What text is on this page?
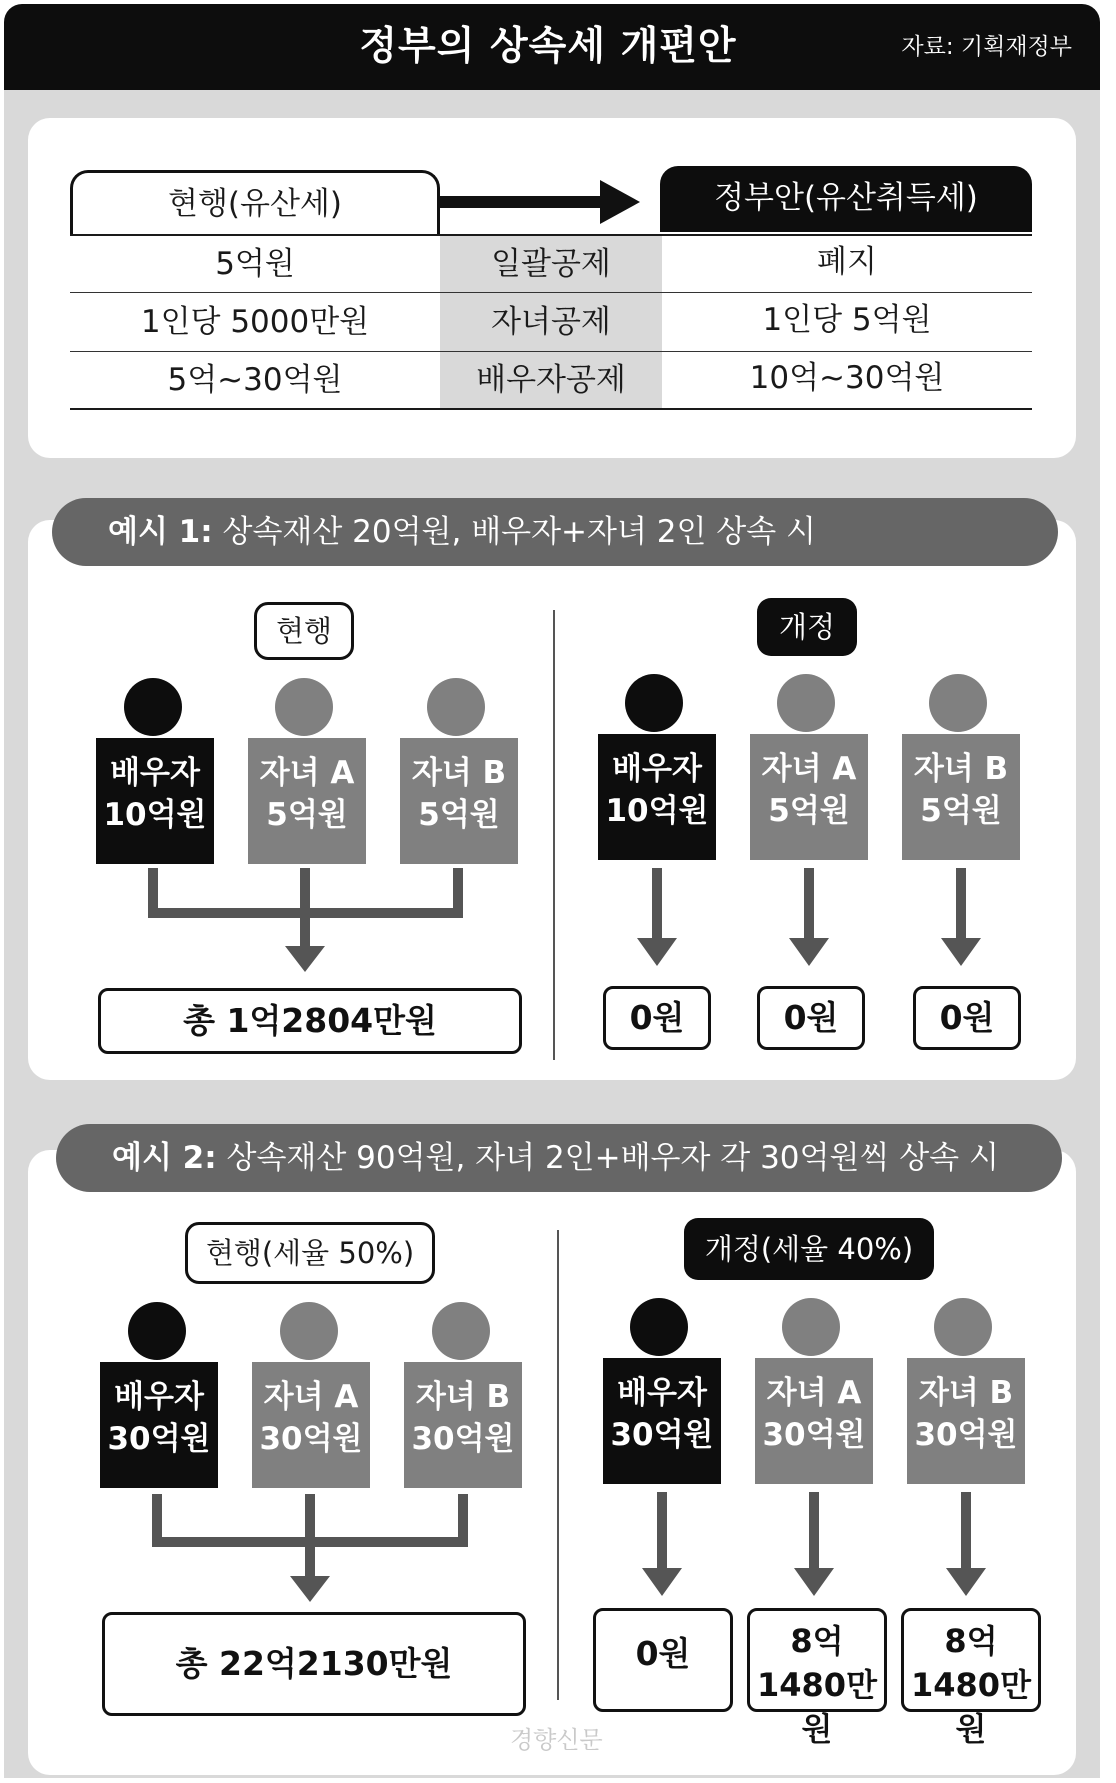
정부의 상속세 개편안	자료: 기획재정부
현행(유산세)	정부안(유산취득세)
5억원	일괄공제	폐지
1인당 5000만원	자녀공제	1인당 5억원
5억~30억원	배우자공제	10억~30억원
예시 1: 상속재산 20억원, 배우자+자녀 2인 상속 시
현행	개정
배우자
10억원
자녀 A
5억원
자녀 B
5억원
총 1억2804만원
배우자
10억원
자녀 A
5억원
자녀 B
5억원
0원	0원	0원
예시 2: 상속재산 90억원, 자녀 2인+배우자 각 30억원씩 상속 시
현행(세율 50%)	개정(세율 40%)
배우자
30억원
자녀 A
30억원
자녀 B
30억원
총 22억2130만원
배우자
30억원
자녀 A
30억원
자녀 B
30억원
0원	8억
1480만원
8억
1480만원
경향신문
